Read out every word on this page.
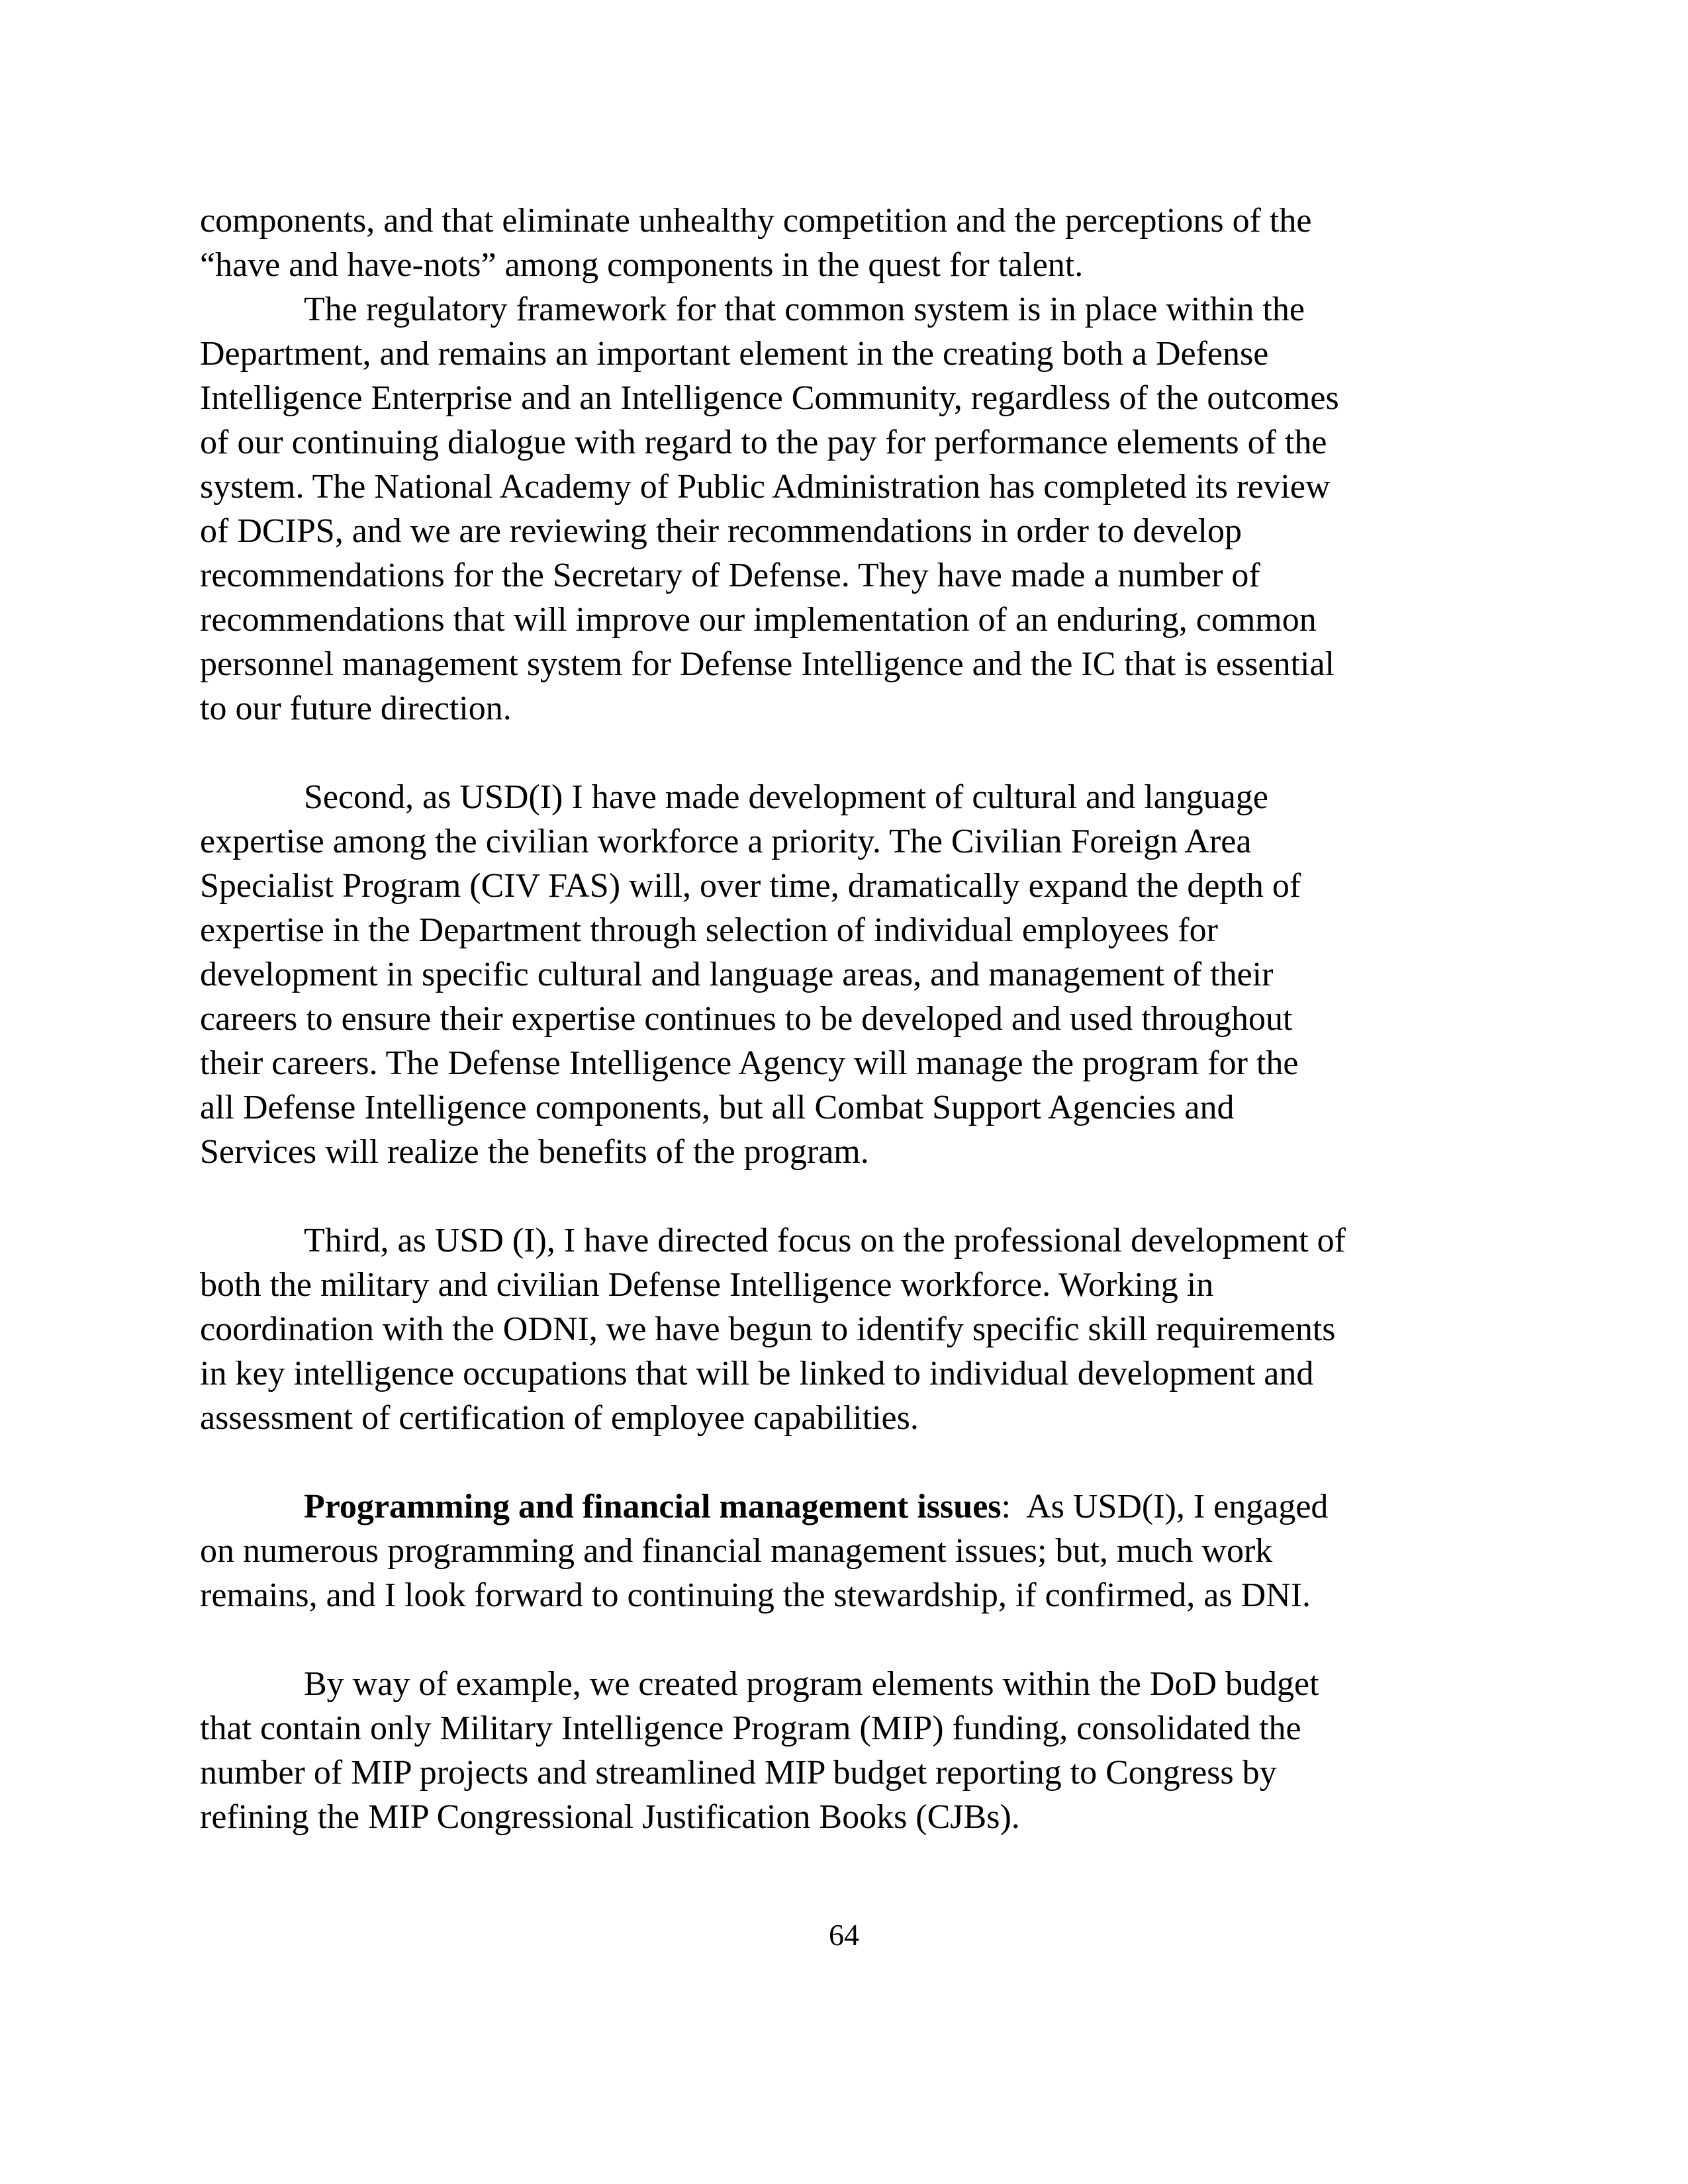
components, and that eliminate unhealthy competition and the perceptions of the
“have and have-nots” among components in the quest for talent.

The regulatory framework for that common system is in place within the
Department, and remains an important element in the creating both a Defense
Intelligence Enterprise and an Intelligence Community, regardless of the outcomes
of our continuing dialogue with regard to the pay for performance elements of the
system. The National Academy of Public Administration has completed its review
of DCIPS, and we are reviewing their recommendations in order to develop
recommendations for the Secretary of Defense. They have made a number of
recommendations that will improve our implementation of an enduring, common
personnel management system for Defense Intelligence and the IC that is essential
to our future direction.

Second, as USD(I) I have made development of cultural and language
expertise among the civilian workforce a priority. The Civilian Foreign Area
Specialist Program (CIV FAS) will, over time, dramatically expand the depth of
expertise in the Department through selection of individual employees for
development in specific cultural and language areas, and management of their
careers to ensure their expertise continues to be developed and used throughout
their careers. The Defense Intelligence Agency will manage the program for the
all Defense Intelligence components, but all Combat Support Agencies and
Services will realize the benefits of the program.

Third, as USD (I), I have directed focus on the professional development of
both the military and civilian Defense Intelligence workforce. Working in
coordination with the ODNI, we have begun to identify specific skill requirements
in key intelligence occupations that will be linked to individual development and
assessment of certification of employee capabilities.

Programming and financial management issues:  As USD(I), I engaged
on numerous programming and financial management issues; but, much work
remains, and I look forward to continuing the stewardship, if confirmed, as DNI.

By way of example, we created program elements within the DoD budget
that contain only Military Intelligence Program (MIP) funding, consolidated the
number of MIP projects and streamlined MIP budget reporting to Congress by
refining the MIP Congressional Justification Books (CJBs).

64
